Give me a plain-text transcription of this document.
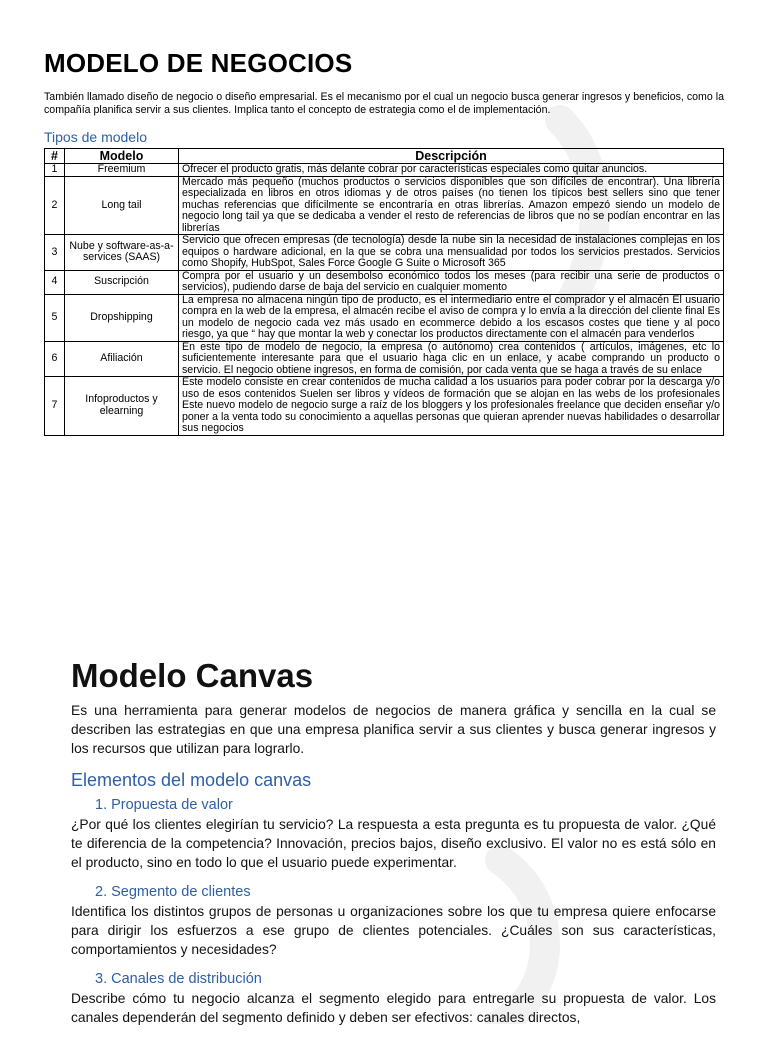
MODELO DE NEGOCIOS

También llamado diseño de negocio o diseño empresarial. Es el mecanismo por el cual un negocio busca generar ingresos y beneficios, como la compañía planifica servir a sus clientes. Implica tanto el concepto de estrategia como el de implementación.

Tipos de modelo
#	Modelo	Descripción
1	Freemium	Ofrecer el producto gratis, más delante cobrar por características especiales como quitar anuncios.
2	Long tail	Mercado más pequeño (muchos productos o servicios disponibles que son difíciles de encontrar). Una librería especializada en libros en otros idiomas y de otros países (no tienen los típicos best sellers sino que tener muchas referencias que difícilmente se encontraría en otras librerías. Amazon empezó siendo un modelo de negocio long tail ya que se dedicaba a vender el resto de referencias de libros que no se podían encontrar en las librerías
3	Nube y software-as-a-services (SAAS)	Servicio que ofrecen empresas (de tecnología) desde la nube sin la necesidad de instalaciones complejas en los equipos o hardware adicional, en la que se cobra una mensualidad por todos los servicios prestados. Servicios como Shopify, HubSpot, Sales Force Google G Suite o Microsoft 365
4	Suscripción	Compra por el usuario y un desembolso económico todos los meses (para recibir una serie de productos o servicios), pudiendo darse de baja del servicio en cualquier momento
5	Dropshipping	La empresa no almacena ningún tipo de producto, es el intermediario entre el comprador y el almacén El usuario compra en la web de la empresa, el almacén recibe el aviso de compra y lo envía a la dirección del cliente final Es un modelo de negocio cada vez más usado en ecommerce debido a los escasos costes que tiene y al poco riesgo, ya que “ hay que montar la web y conectar los productos directamente con el almacén para venderlos
6	Afiliación	En este tipo de modelo de negocio, la empresa (o autónomo) crea contenidos ( artículos, imágenes, etc lo suficientemente interesante para que el usuario haga clic en un enlace, y acabe comprando un producto o servicio. El negocio obtiene ingresos, en forma de comisión, por cada venta que se haga a través de su enlace
7	Infoproductos y elearning	Este modelo consiste en crear contenidos de mucha calidad a los usuarios para poder cobrar por la descarga y/o uso de esos contenidos Suelen ser libros y vídeos de formación que se alojan en las webs de los profesionales Este nuevo modelo de negocio surge a raíz de los bloggers y los profesionales freelance que deciden enseñar y/o poner a la venta todo su conocimiento a aquellas personas que quieran aprender nuevas habilidades o desarrollar sus negocios
Modelo Canvas

Es una herramienta para generar modelos de negocios de manera gráfica y sencilla en la cual se describen las estrategias en que una empresa planifica servir a sus clientes y busca generar ingresos y los recursos que utilizan para lograrlo.

Elementos del modelo canvas
1. Propuesta de valor

¿Por qué los clientes elegirían tu servicio? La respuesta a esta pregunta es tu propuesta de valor. ¿Qué te diferencia de la competencia? Innovación, precios bajos, diseño exclusivo. El valor no es está sólo en el producto, sino en todo lo que el usuario puede experimentar.

2. Segmento de clientes

Identifica los distintos grupos de personas u organizaciones sobre los que tu empresa quiere enfocarse para dirigir los esfuerzos a ese grupo de clientes potenciales. ¿Cuáles son sus características, comportamientos y necesidades?

3. Canales de distribución

Describe cómo tu negocio alcanza el segmento elegido para entregarle su propuesta de valor. Los canales dependerán del segmento definido y deben ser efectivos: canales directos,
